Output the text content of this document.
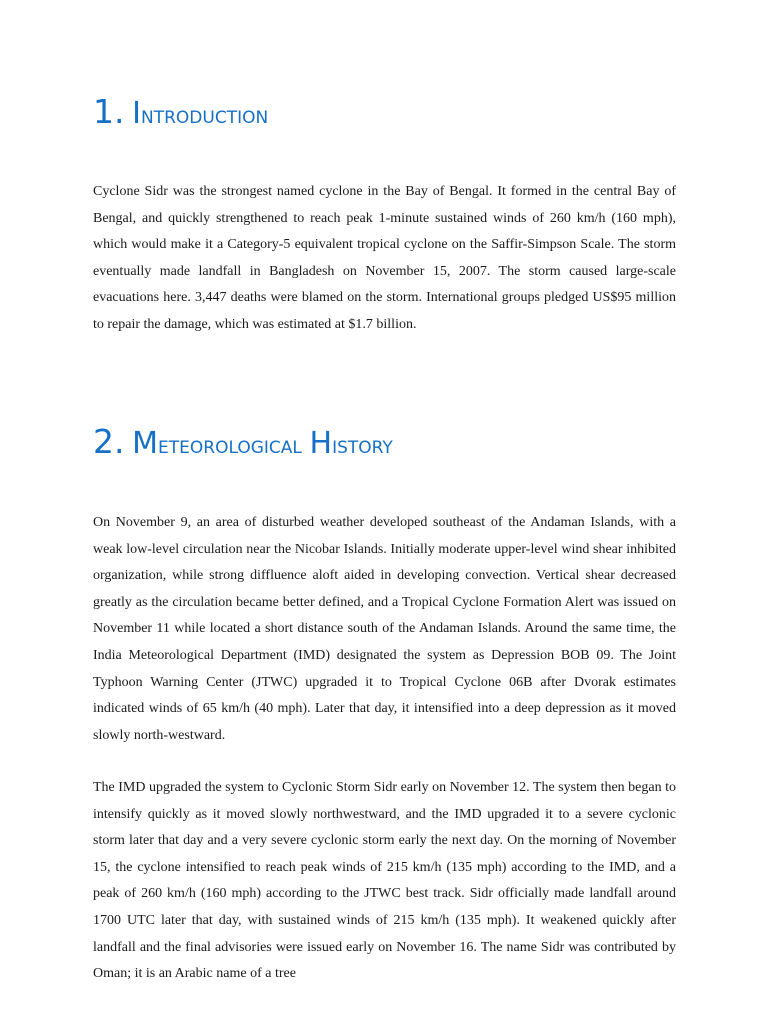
1. Introduction

Cyclone Sidr was the strongest named cyclone in the Bay of Bengal. It formed in the central Bay of Bengal, and quickly strengthened to reach peak 1-minute sustained winds of 260 km/h (160 mph), which would make it a Category-5 equivalent tropical cyclone on the Saffir-Simpson Scale. The storm eventually made landfall in Bangladesh on November 15, 2007. The storm caused large-scale evacuations here. 3,447 deaths were blamed on the storm. International groups pledged US$95 million to repair the damage, which was estimated at $1.7 billion.

2. Meteorological History

On November 9, an area of disturbed weather developed southeast of the Andaman Islands, with a weak low-level circulation near the Nicobar Islands. Initially moderate upper-level wind shear inhibited organization, while strong diffluence aloft aided in developing convection. Vertical shear decreased greatly as the circulation became better defined, and a Tropical Cyclone Formation Alert was issued on November 11 while located a short distance south of the Andaman Islands. Around the same time, the India Meteorological Department (IMD) designated the system as Depression BOB 09. The Joint Typhoon Warning Center (JTWC) upgraded it to Tropical Cyclone 06B after Dvorak estimates indicated winds of 65 km/h (40 mph). Later that day, it intensified into a deep depression as it moved slowly north-westward.

The IMD upgraded the system to Cyclonic Storm Sidr early on November 12. The system then began to intensify quickly as it moved slowly northwestward, and the IMD upgraded it to a severe cyclonic storm later that day and a very severe cyclonic storm early the next day. On the morning of November 15, the cyclone intensified to reach peak winds of 215 km/h (135 mph) according to the IMD, and a peak of 260 km/h (160 mph) according to the JTWC best track. Sidr officially made landfall around 1700 UTC later that day, with sustained winds of 215 km/h (135 mph). It weakened quickly after landfall and the final advisories were issued early on November 16. The name Sidr was contributed by Oman; it is an Arabic name of a tree
